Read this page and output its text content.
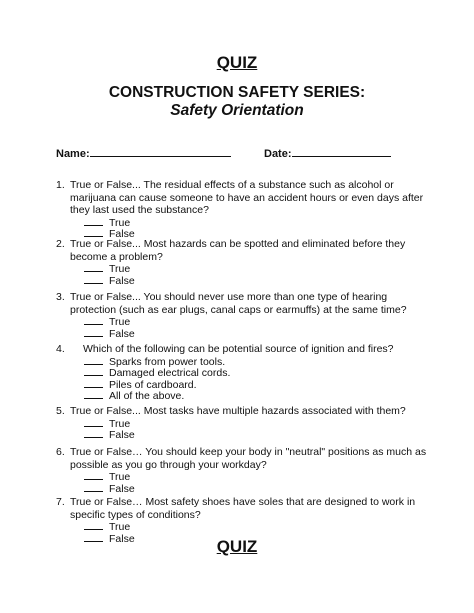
QUIZ
CONSTRUCTION SAFETY SERIES:
Safety Orientation
Name:	Date:
1. True or False... The residual effects of a substance such as alcohol or marijuana can cause someone to have an accident hours or even days after they last used the substance?
True
False
2. True or False... Most hazards can be spotted and eliminated before they become a problem?
True
False
3. True or False... You should never use more than one type of hearing protection (such as ear plugs, canal caps or earmuffs) at the same time?
True
False
4. Which of the following can be potential source of ignition and fires?
Sparks from power tools.
Damaged electrical cords.
Piles of cardboard.
All of the above.
5. True or False... Most tasks have multiple hazards associated with them?
True
False
6. True or False… You should keep your body in "neutral" positions as much as possible as you go through your workday?
True
False
7. True or False… Most safety shoes have soles that are designed to work in specific types of conditions?
True
False	QUIZ
